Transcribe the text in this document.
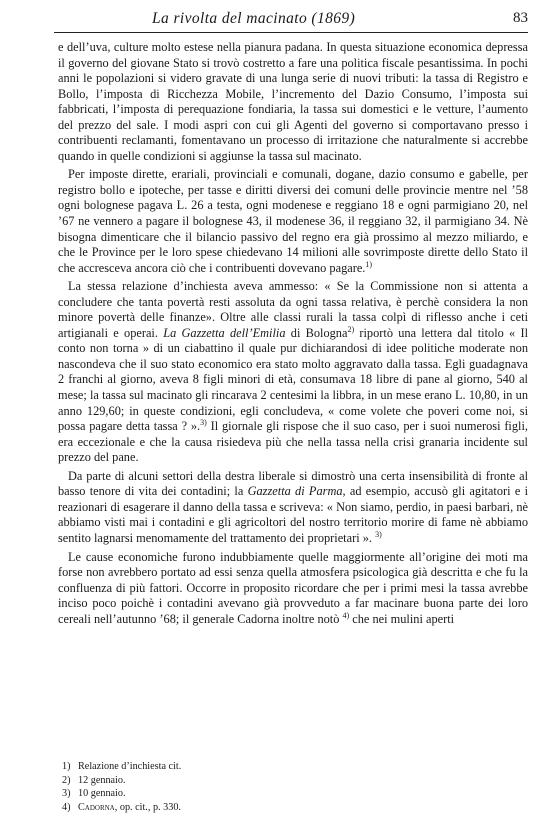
La rivolta del macinato (1869)	83

e dell’uva, culture molto estese nella pianura padana. In questa situazione economica depressa il governo del giovane Stato si trovò costretto a fare una politica fiscale pesantissima. In pochi anni le popolazioni si videro gravate di una lunga serie di nuovi tributi: la tassa di Registro e Bollo, l’imposta di Ricchezza Mobile, l’incremento del Dazio Consumo, l’imposta sui fabbricati, l’imposta di perequazione fondiaria, la tassa sui domestici e le vetture, l’aumento del prezzo del sale. I modi aspri con cui gli Agenti del governo si comportavano presso i contribuenti reclamanti, fomentavano un processo di irritazione che naturalmente si accrebbe quando in quelle condizioni si aggiunse la tassa sul macinato.

Per imposte dirette, erariali, provinciali e comunali, dogane, dazio consumo e gabelle, per registro bollo e ipoteche, per tasse e diritti diversi dei comuni delle provincie mentre nel ’58 ogni bolognese pagava L. 26 a testa, ogni modenese e reggiano 18 e ogni parmigiano 20, nel ’67 ne vennero a pagare il bolognese 43, il modenese 36, il reggiano 32, il parmigiano 34. Nè bisogna dimenticare che il bilancio passivo del regno era già prossimo al mezzo miliardo, e che le Province per le loro spese chiedevano 14 milioni alle sovrimposte dirette dello Stato il che accresceva ancora ciò che i contribuenti dovevano pagare.$^{1)}$

La stessa relazione d’inchiesta aveva ammesso: « Se la Commissione non si attenta a concludere che tanta povertà resti assoluta da ogni tassa relativa, è perchè considera la non minore povertà delle finanze». Oltre alle classi rurali la tassa colpì di riflesso anche i ceti artigianali e operai. La Gazzetta dell’Emilia di Bologna$^{2)}$ riportò una lettera dal titolo « Il conto non torna » di un ciabattino il quale pur dichiarandosi di idee politiche moderate non nascondeva che il suo stato economico era stato molto aggravato dalla tassa. Egli guadagnava 2 franchi al giorno, aveva 8 figli minori di età, consumava 18 libre di pane al giorno, 540 al mese; la tassa sul macinato gli rincarava 2 centesimi la libbra, in un mese erano L. 10,80, in un anno 129,60; in queste condizioni, egli concludeva, « come volete che poveri come noi, si possa pagare detta tassa ? ».$^{3)}$ Il giornale gli rispose che il suo caso, per i suoi numerosi figli, era eccezionale e che la causa risiedeva più che nella tassa nella crisi granaria incidente sul prezzo del pane.

Da parte di alcuni settori della destra liberale si dimostrò una certa insensibilità di fronte al basso tenore di vita dei contadini; la Gazzetta di Parma, ad esempio, accusò gli agitatori e i reazionari di esagerare il danno della tassa e scriveva: « Non siamo, perdio, in paesi barbari, nè abbiamo visti mai i contadini e gli agricoltori del nostro territorio morire di fame nè abbiamo sentito lagnarsi menomamente del trattamento dei proprietari ». $^{3)}$

Le cause economiche furono indubbiamente quelle maggiormente all’origine dei moti ma forse non avrebbero portato ad essi senza quella atmosfera psicologica già descritta e che fu la confluenza di più fattori. Occorre in proposito ricordare che per i primi mesi la tassa avrebbe inciso poco poichè i contadini avevano già provveduto a far macinare buona parte dei loro cereali nell’autunno ’68; il generale Cadorna inoltre notò $^{4)}$ che nei mulini aperti

1) Relazione d’inchiesta cit.
2) 12 gennaio.
3) 10 gennaio.
4) Cadorna, op. cit., p. 330.
